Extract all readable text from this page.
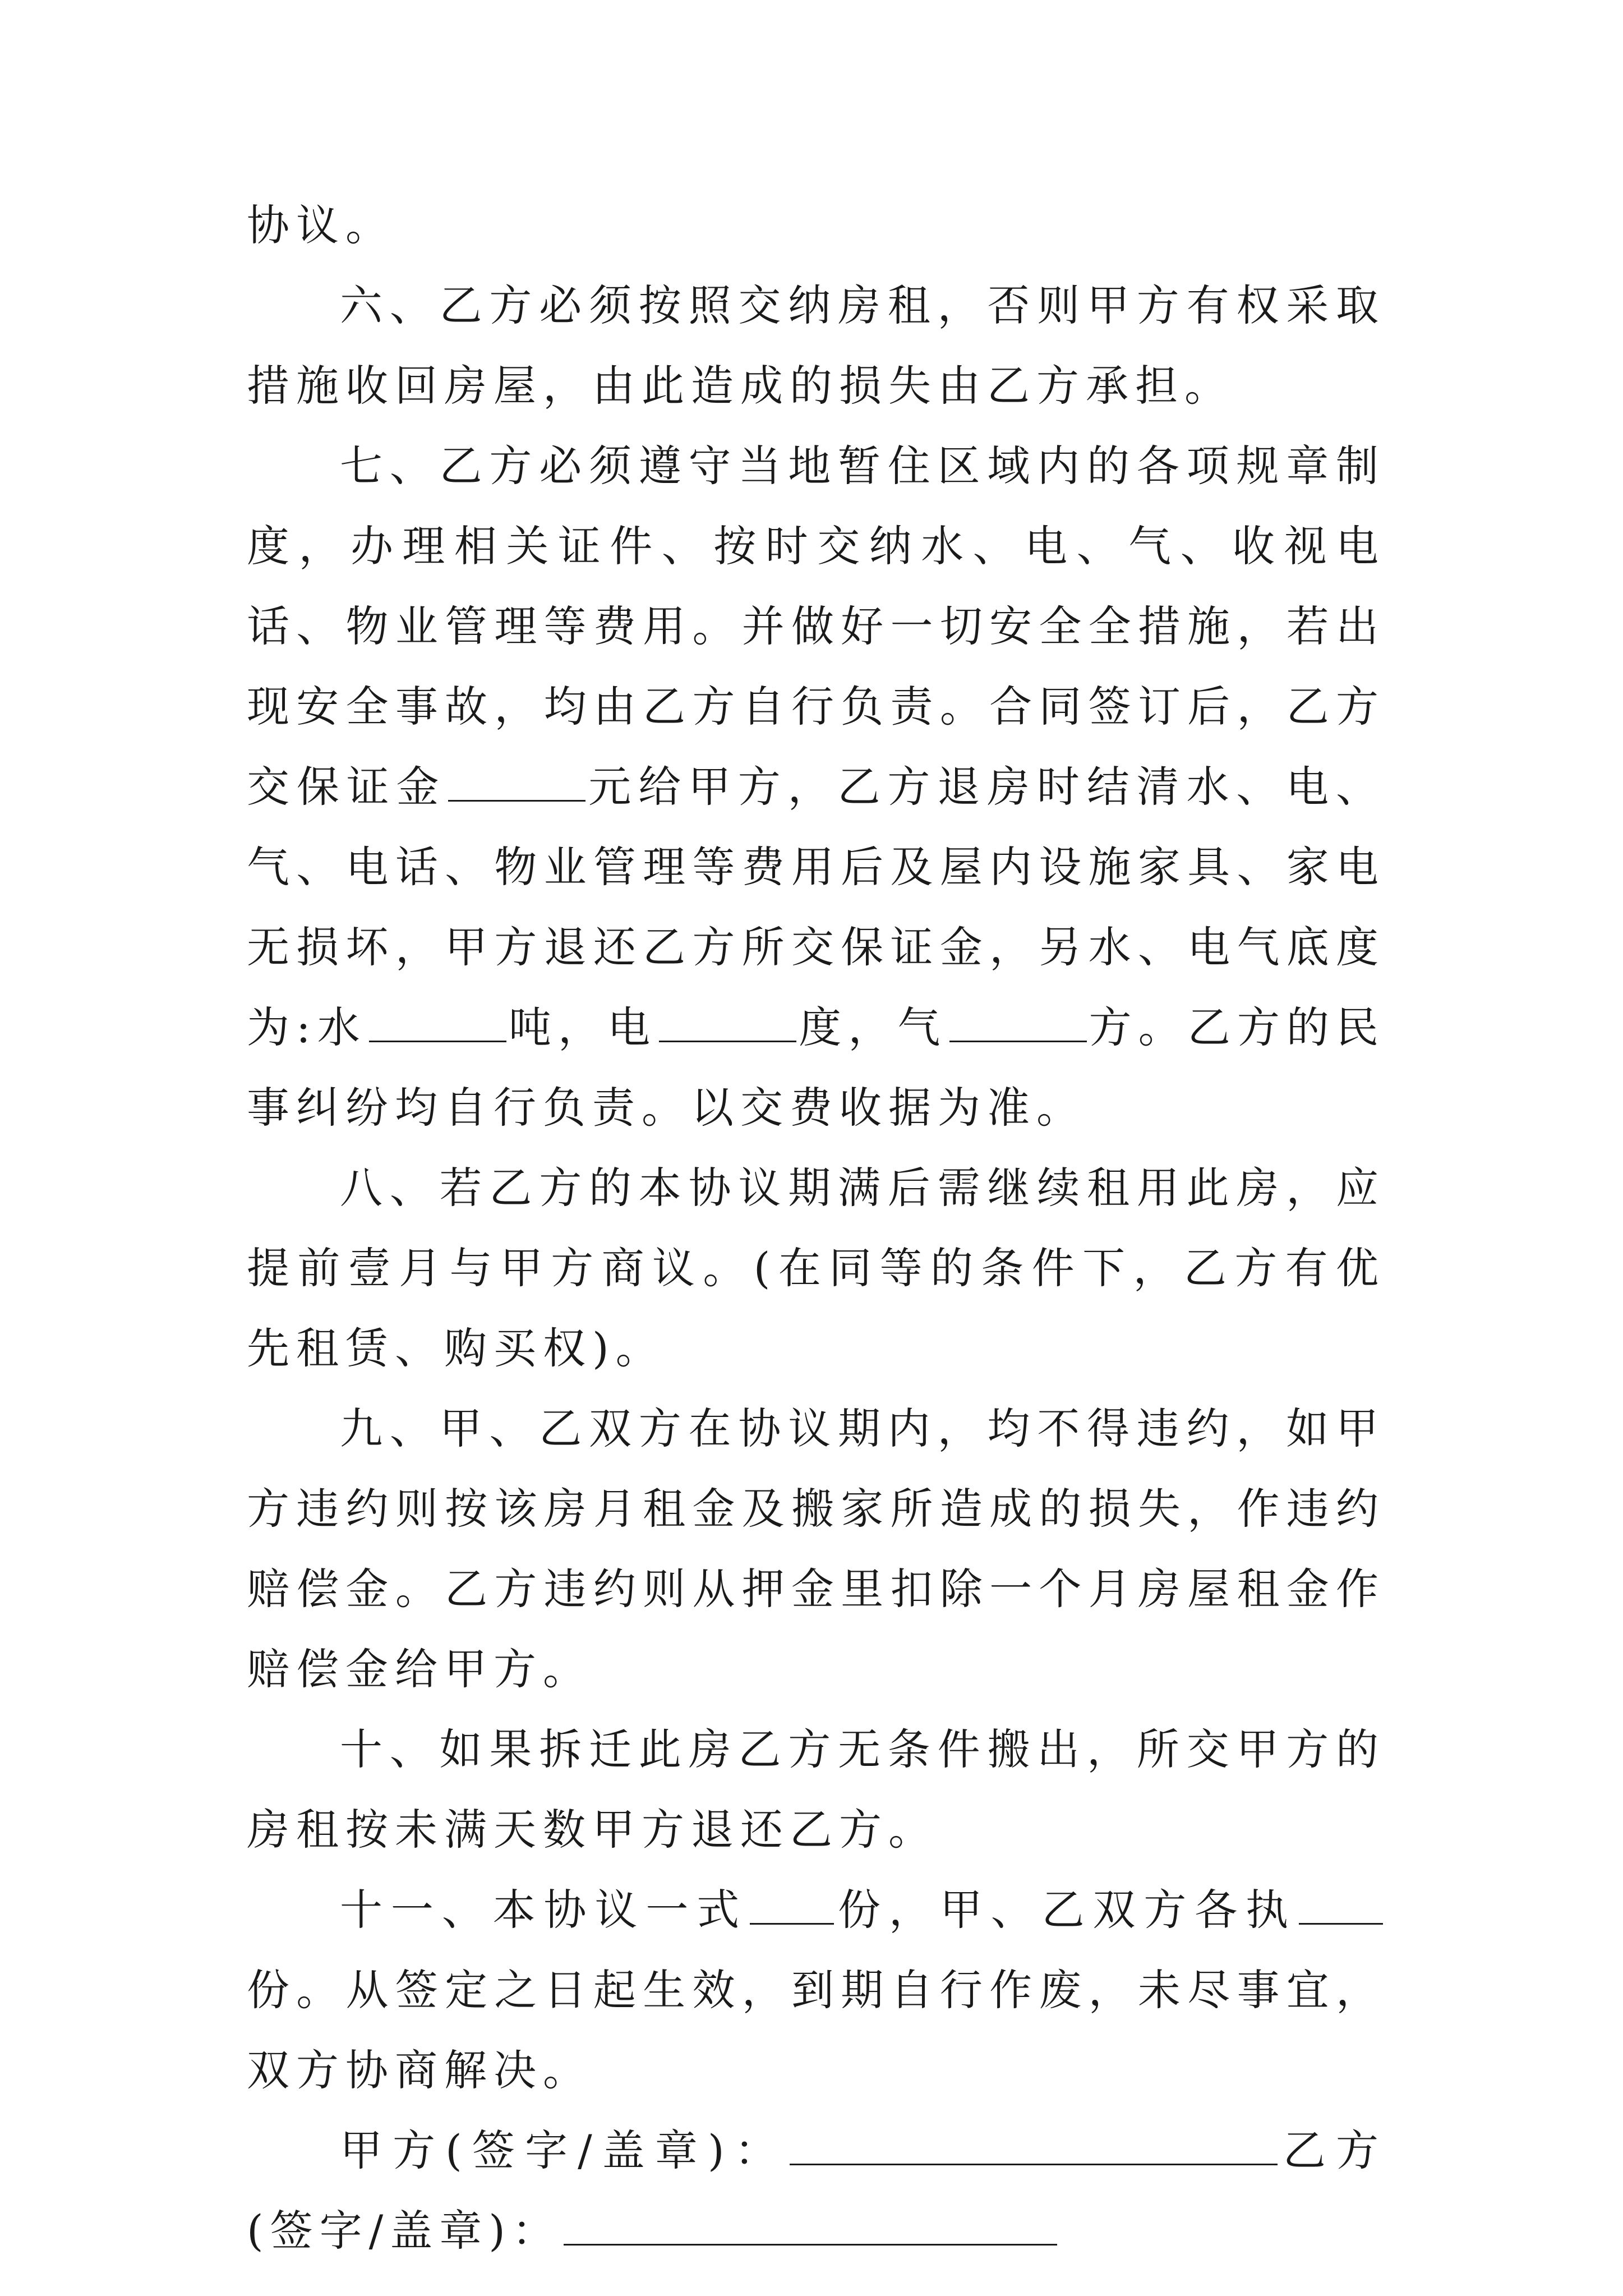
协议。

六、乙方必须按照交纳房租，否则甲方有权采取措施收回房屋，由此造成的损失由乙方承担。

七、乙方必须遵守当地暂住区域内的各项规章制度，办理相关证件、按时交纳水、电、气、收视电话、物业管理等费用。并做好一切安全全措施，若出现安全事故，均由乙方自行负责。合同签订后，乙方交保证金	元给甲方，乙方退房时结清水、电、气、电话、物业管理等费用后及屋内设施家具、家电无损坏，甲方退还乙方所交保证金，另水、电气底度为:水	吨，电	度，气	方。乙方的民事纠纷均自行负责。以交费收据为准。

八、若乙方的本协议期满后需继续租用此房，应提前壹月与甲方商议。(在同等的条件下，乙方有优先租赁、购买权)。

九、甲、乙双方在协议期内，均不得违约，如甲方违约则按该房月租金及搬家所造成的损失，作违约赔偿金。乙方违约则从押金里扣除一个月房屋租金作赔偿金给甲方。

十、如果拆迁此房乙方无条件搬出，所交甲方的房租按未满天数甲方退还乙方。

十一、本协议一式 份，甲、乙双方各执份。从签定之日起生效，到期自行作废，未尽事宜，双方协商解决。

甲方(签字/盖章)：	乙方(签字/盖章)：
